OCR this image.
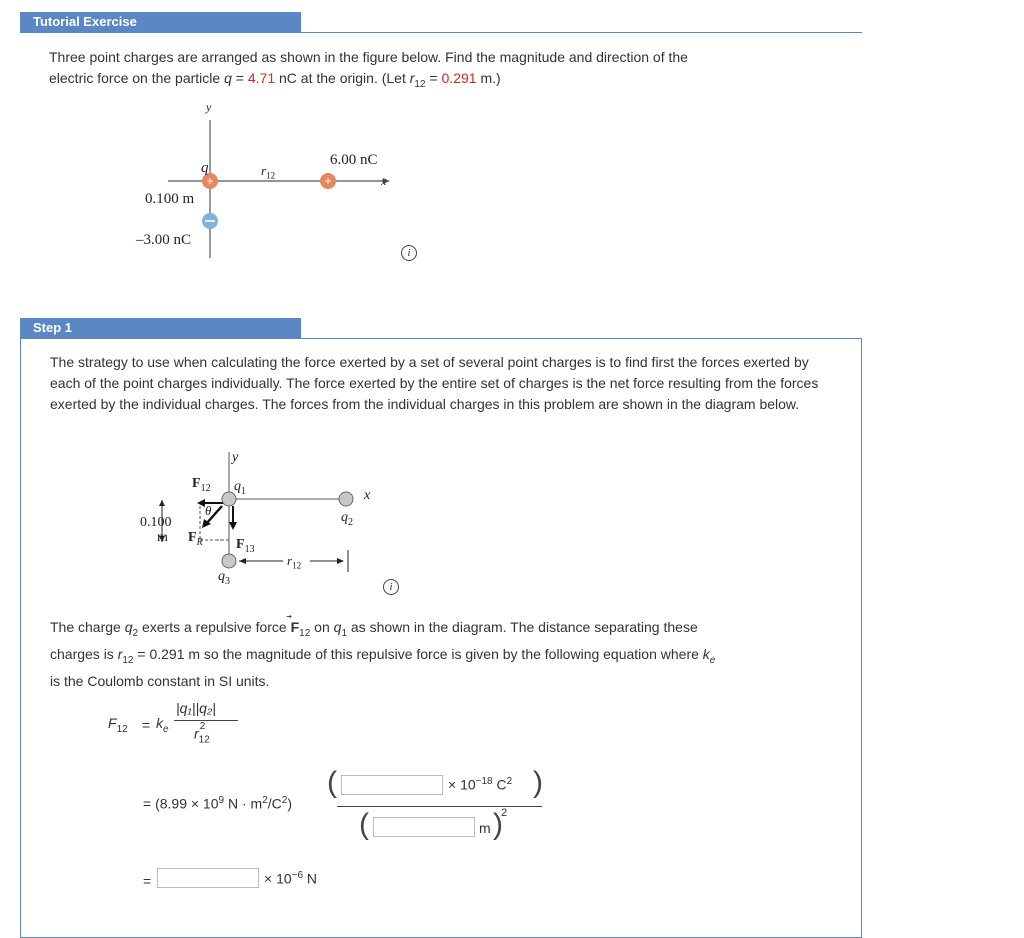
Tutorial Exercise
Three point charges are arranged as shown in the figure below. Find the magnitude and direction of the
electric force on the particle q = 4.71 nC at the origin. (Let $r_{12} = 0.291$ m.)
+	+
y
x
q	$r_{12}$
6.00 nC
0.100 m
–3.00 nC
i
Step 1
The strategy to use when calculating the force exerted by a set of several point charges is to find first the forces exerted by each of the point charges individually. The force exerted by the entire set of charges is the net force resulting from the forces exerted by the individual charges. The forces from the individual charges in this problem are shown in the diagram below.
y
x
$F_{12}$ $q_1$
$q_2$
$q_3$
θ
0.100
m $F_R$ $F_{13}$
$r_{12}$
i
The charge $q_2$ exerts a repulsive force
$F_{12}$ on $q_1$ as shown in the diagram. The distance separating these
charges is $r_{12} = 0.291$ m so the magnitude of this repulsive force is given by the following equation where $k_e$
is the Coulomb constant in SI units.
$F_{12} = k_e$
|q₁||q₂|
$r_{12}^2$
= ($8.99 \times 10^9$ $N \cdot m^2/C^2$)
(	× $10^{-18}$ $C^2$ )
(	m )
2
=	× $10^{-6}$ N
